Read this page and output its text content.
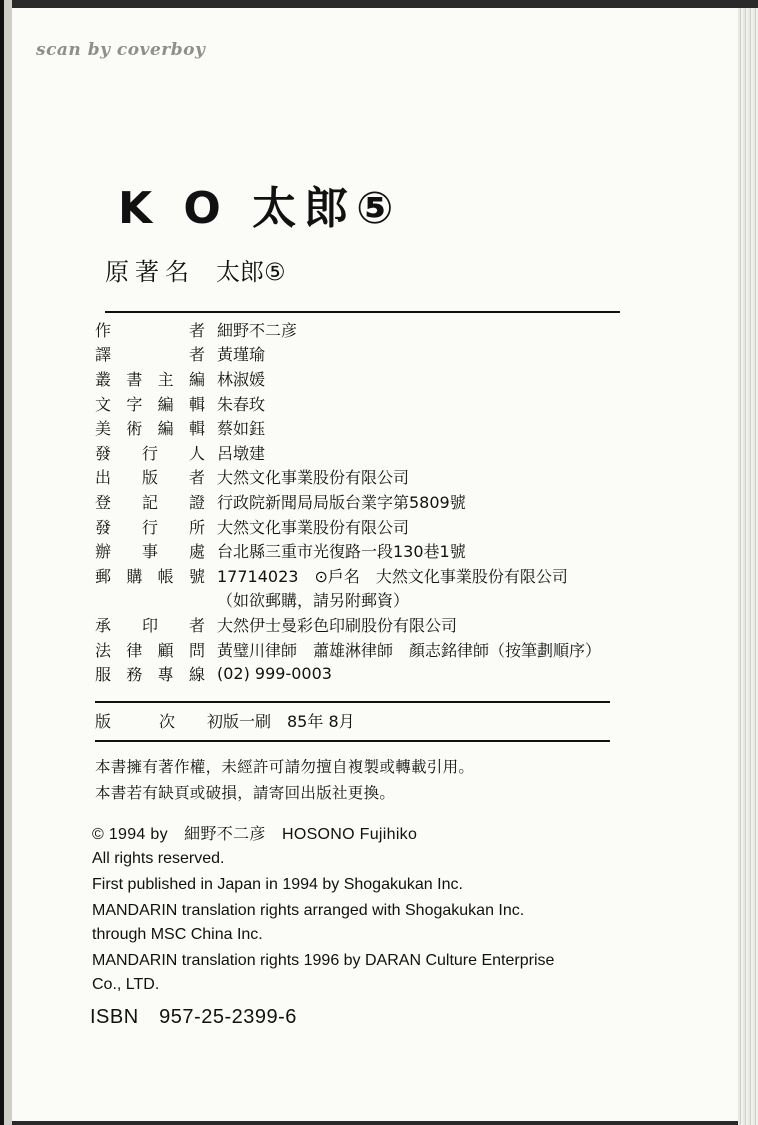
scan by coverboy
K O 太郎⑤
原著名 太郎⑤
作　者 細野不二彦
譯　者 黃瑾瑜
叢書主編 林淑媛
文字編輯 朱春玫
美術編輯 蔡如鈺
發行人 呂墩建
出版者 大然文化事業股份有限公司
登記證 行政院新聞局局版台業字第5809號
發行所 大然文化事業股份有限公司
辦事處 台北縣三重市光復路一段130巷1號
郵購帳號 17714023　⊙戶名　大然文化事業股份有限公司
（如欲郵購，請另附郵資）
承印者 大然伊士曼彩色印刷股份有限公司
法律顧問 黃璧川律師　蕭雄淋律師　顏志銘律師（按筆劃順序）
服務專線 (02) 999-0003
版　次 初版一刷　85年 8月
本書擁有著作權，未經許可請勿擅自複製或轉載引用。
本書若有缺頁或破損，請寄回出版社更換。
© 1994 by　細野不二彦　HOSONO Fujihiko
All rights reserved.
First published in Japan in 1994 by Shogakukan Inc.
MANDARIN translation rights arranged with Shogakukan Inc.
through MSC China Inc.
MANDARIN translation rights 1996 by DARAN Culture Enterprise
Co., LTD.
ISBN　957-25-2399-6
